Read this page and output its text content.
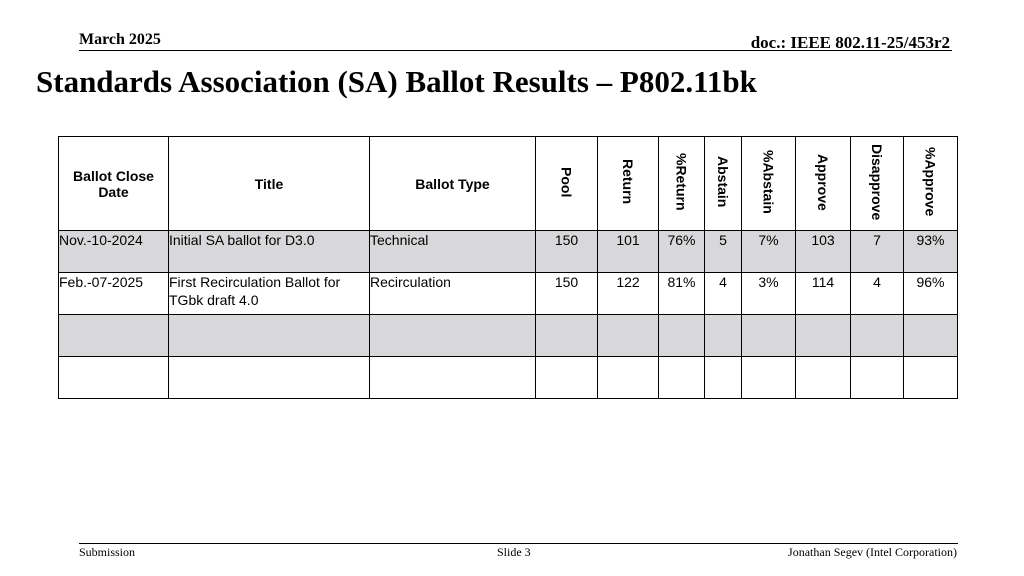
March 2025	doc.: IEEE 802.11-25/453r2
Standards Association (SA) Ballot Results – P802.11bk
Ballot Close Date	Title	Ballot Type	Pool	Return	%Return	Abstain	%Abstain	Approve	Disapprove	%Approve
Nov.-10-2024	Initial SA ballot for D3.0	Technical	150	101	76%	5	7%	103	7	93%
Feb.-07-2025	First Recirculation Ballot for TGbk draft 4.0	Recirculation	150	122	81%	4	3%	114	4	96%

Submission	Slide 3	Jonathan Segev (Intel Corporation)
